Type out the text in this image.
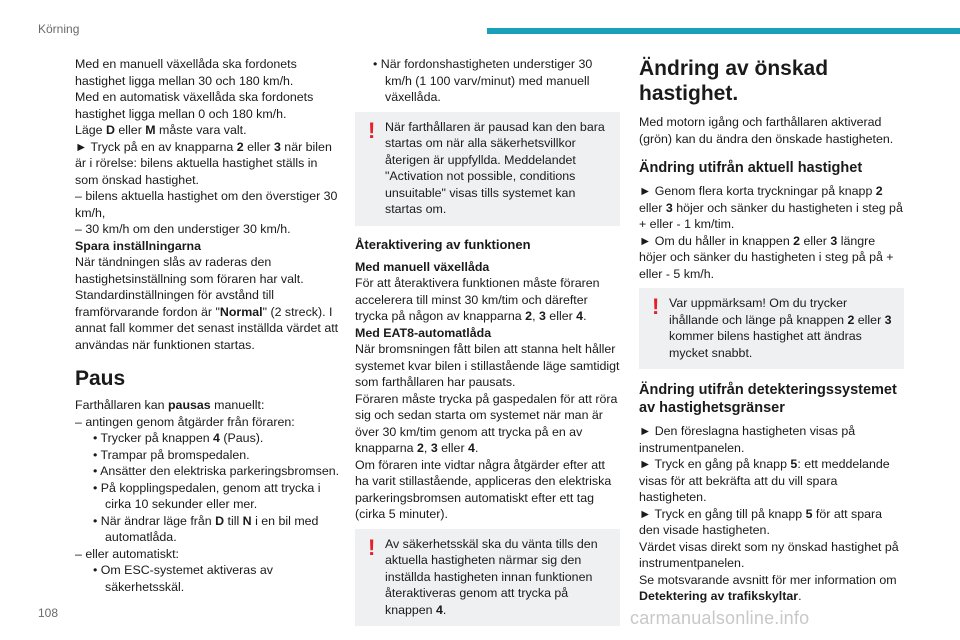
Körning

Med en manuell växellåda ska fordonets hastighet ligga mellan 30 och 180 km/h.

Med en automatisk växellåda ska fordonets hastighet ligga mellan 0 och 180 km/h.

Läge D eller M måste vara valt.

► Tryck på en av knapparna 2 eller 3 när bilen är i rörelse: bilens aktuella hastighet ställs in som önskad hastighet.

– bilens aktuella hastighet om den överstiger 30 km/h,

– 30 km/h om den understiger 30 km/h.

Spara inställningarna

När tändningen slås av raderas den hastighetsinställning som föraren har valt.

Standardinställningen för avstånd till framförvarande fordon är "Normal" (2 streck). I annat fall kommer det senast inställda värdet att användas när funktionen startas.

Paus

Farthållaren kan pausas manuellt:

– antingen genom åtgärder från föraren:

• Trycker på knappen 4 (Paus).

• Trampar på bromspedalen.

• Ansätter den elektriska parkeringsbromsen.

• På kopplingspedalen, genom att trycka i cirka 10 sekunder eller mer.

• När ändrar läge från D till N i en bil med automatlåda.

– eller automatiskt:

• Om ESC-systemet aktiveras av säkerhetsskäl.

• När fordonshastigheten understiger 30 km/h (1 100 varv/minut) med manuell växellåda.

! När farthållaren är pausad kan den bara startas om när alla säkerhetsvillkor återigen är uppfyllda. Meddelandet "Activation not possible, conditions unsuitable" visas tills systemet kan startas om.

Återaktivering av funktionen

Med manuell växellåda

För att återaktivera funktionen måste föraren accelerera till minst 30 km/tim och därefter trycka på någon av knapparna 2, 3 eller 4.

Med EAT8-automatlåda

När bromsningen fått bilen att stanna helt håller systemet kvar bilen i stillastående läge samtidigt som farthållaren har pausats.

Föraren måste trycka på gaspedalen för att röra sig och sedan starta om systemet när man är över 30 km/tim genom att trycka på en av knapparna 2, 3 eller 4.

Om föraren inte vidtar några åtgärder efter att ha varit stillastående, appliceras den elektriska parkeringsbromsen automatiskt efter ett tag (cirka 5 minuter).

! Av säkerhetsskäl ska du vänta tills den aktuella hastigheten närmar sig den inställda hastigheten innan funktionen återaktiveras genom att trycka på knappen 4.

Ändring av önskad hastighet.

Med motorn igång och farthållaren aktiverad (grön) kan du ändra den önskade hastigheten.

Ändring utifrån aktuell hastighet

► Genom flera korta tryckningar på knapp 2 eller 3 höjer och sänker du hastigheten i steg på + eller - 1 km/tim.

► Om du håller in knappen 2 eller 3 längre höjer och sänker du hastigheten i steg på på + eller - 5 km/h.

! Var uppmärksam! Om du trycker ihållande och länge på knappen 2 eller 3 kommer bilens hastighet att ändras mycket snabbt.

Ändring utifrån detekteringssystemet av hastighetsgränser

► Den föreslagna hastigheten visas på instrumentpanelen.

► Tryck en gång på knapp 5: ett meddelande visas för att bekräfta att du vill spara hastigheten.

► Tryck en gång till på knapp 5 för att spara den visade hastigheten.

Värdet visas direkt som ny önskad hastighet på instrumentpanelen.

Se motsvarande avsnitt för mer information om Detektering av trafikskyltar.

108	carmanualsonline.info
